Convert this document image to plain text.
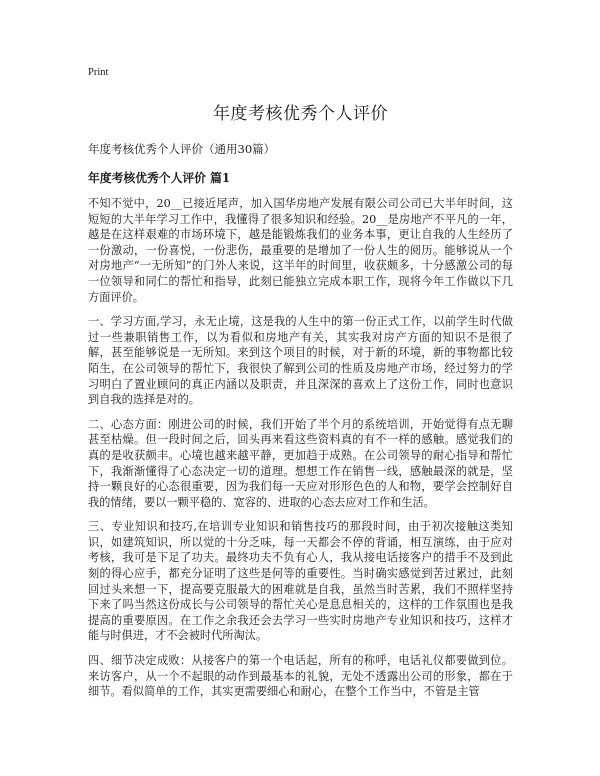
Print
年度考核优秀个人评价

年度考核优秀个人评价（通用30篇）

年度考核优秀个人评价 篇1

不知不觉中，20__已接近尾声，加入国华房地产发展有限公司公司已大半年时间，这短短的大半年学习工作中，我懂得了很多知识和经验。20__是房地产不平凡的一年，越是在这样艰难的市场环境下，越是能锻炼我们的业务本事，更让自我的人生经历了一份激动，一份喜悦，一份悲伤，最重要的是增加了一份人生的阅历。能够说从一个对房地产“一无所知”的门外人来说，这半年的时间里，收获颇多，十分感激公司的每一位领导和同仁的帮忙和指导，此刻已能独立完成本职工作，现将今年工作做以下几方面评价。

一、学习方面,学习，永无止境，这是我的人生中的第一份正式工作，以前学生时代做过一些兼职销售工作，以为看似和房地产有关，其实我对房产方面的知识不是很了解，甚至能够说是一无所知。来到这个项目的时候，对于新的环境，新的事物都比较陌生，在公司领导的帮忙下，我很快了解到公司的性质及房地产市场，经过努力的学习明白了置业顾问的真正内涵以及职责，并且深深的喜欢上了这份工作，同时也意识到自我的选择是对的。

二、心态方面：刚进公司的时候，我们开始了半个月的系统培训，开始觉得有点无聊甚至枯燥。但一段时间之后，回头再来看这些资料真的有不一样的感触。感觉我们的真的是收获颇丰。心境也越来越平静，更加趋于成熟。在公司领导的耐心指导和帮忙下，我渐渐懂得了心态决定一切的道理。想想工作在销售一线，感触最深的就是，坚持一颗良好的心态很重要，因为我们每一天应对形形色色的人和物，要学会控制好自我的情绪，要以一颗平稳的、宽容的、进取的心态去应对工作和生活。

三、专业知识和技巧,在培训专业知识和销售技巧的那段时间，由于初次接触这类知识，如建筑知识，所以觉的十分乏味，每一天都会不停的背诵，相互演练，由于应对考核，我可是下足了功夫。最终功夫不负有心人，我从接电话接客户的措手不及到此刻的得心应手，都充分证明了这些是何等的重要性。当时确实感觉到苦过累过，此刻回过头来想一下，提高要克服最大的困难就是自我，虽然当时苦累，我们不照样坚持下来了吗当然这份成长与公司领导的帮忙关心是息息相关的，这样的工作氛围也是我提高的重要原因。在工作之余我还会去学习一些实时房地产专业知识和技巧，这样才能与时俱进，才不会被时代所淘汰。

四、细节决定成败：从接客户的第一个电话起，所有的称呼，电话礼仪都要做到位。来访客户，从一个不起眼的动作到最基本的礼貌，无处不透露出公司的形象，都在于细节。看似简单的工作，其实更需要细心和耐心，在整个工作当中，不管是主管
